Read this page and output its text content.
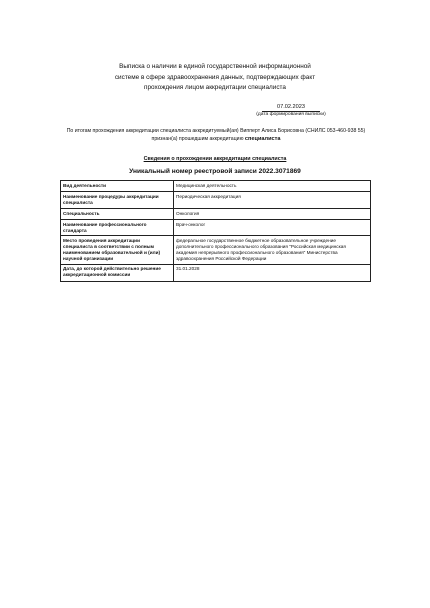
Выписка о наличии в единой государственной информационной
системе в сфере здравоохранения данных, подтверждающих факт
прохождения лицом аккредитации специалиста
07.02.2023
(дата формирования выписки)
По итогам прохождения аккредитации специалиста аккредитуемый(ая) Випперт Алиса Борисовна (СНИЛС 053-460-938 55)
признан(а) прошедшим аккредитацию специалиста
Сведения о прохождении аккредитации специалиста
Уникальный номер реестровой записи 2022.3071869
Вид деятельности	Медицинская деятельность
Наименование процедуры аккредитации специалиста	Периодическая аккредитация
Специальность	Онкология
Наименование профессионального стандарта	Врач-онколог
Место проведения аккредитации специалиста в соответствии с полным наименованием образовательной и (или) научной организации	федеральное государственное бюджетное образовательное учреждение дополнительного профессионального образования "Российская медицинская академия непрерывного профессионального образования" Министерства здравоохранения Российской Федерации
Дата, до которой действительно решение аккредитационной комиссии	31.01.2028
